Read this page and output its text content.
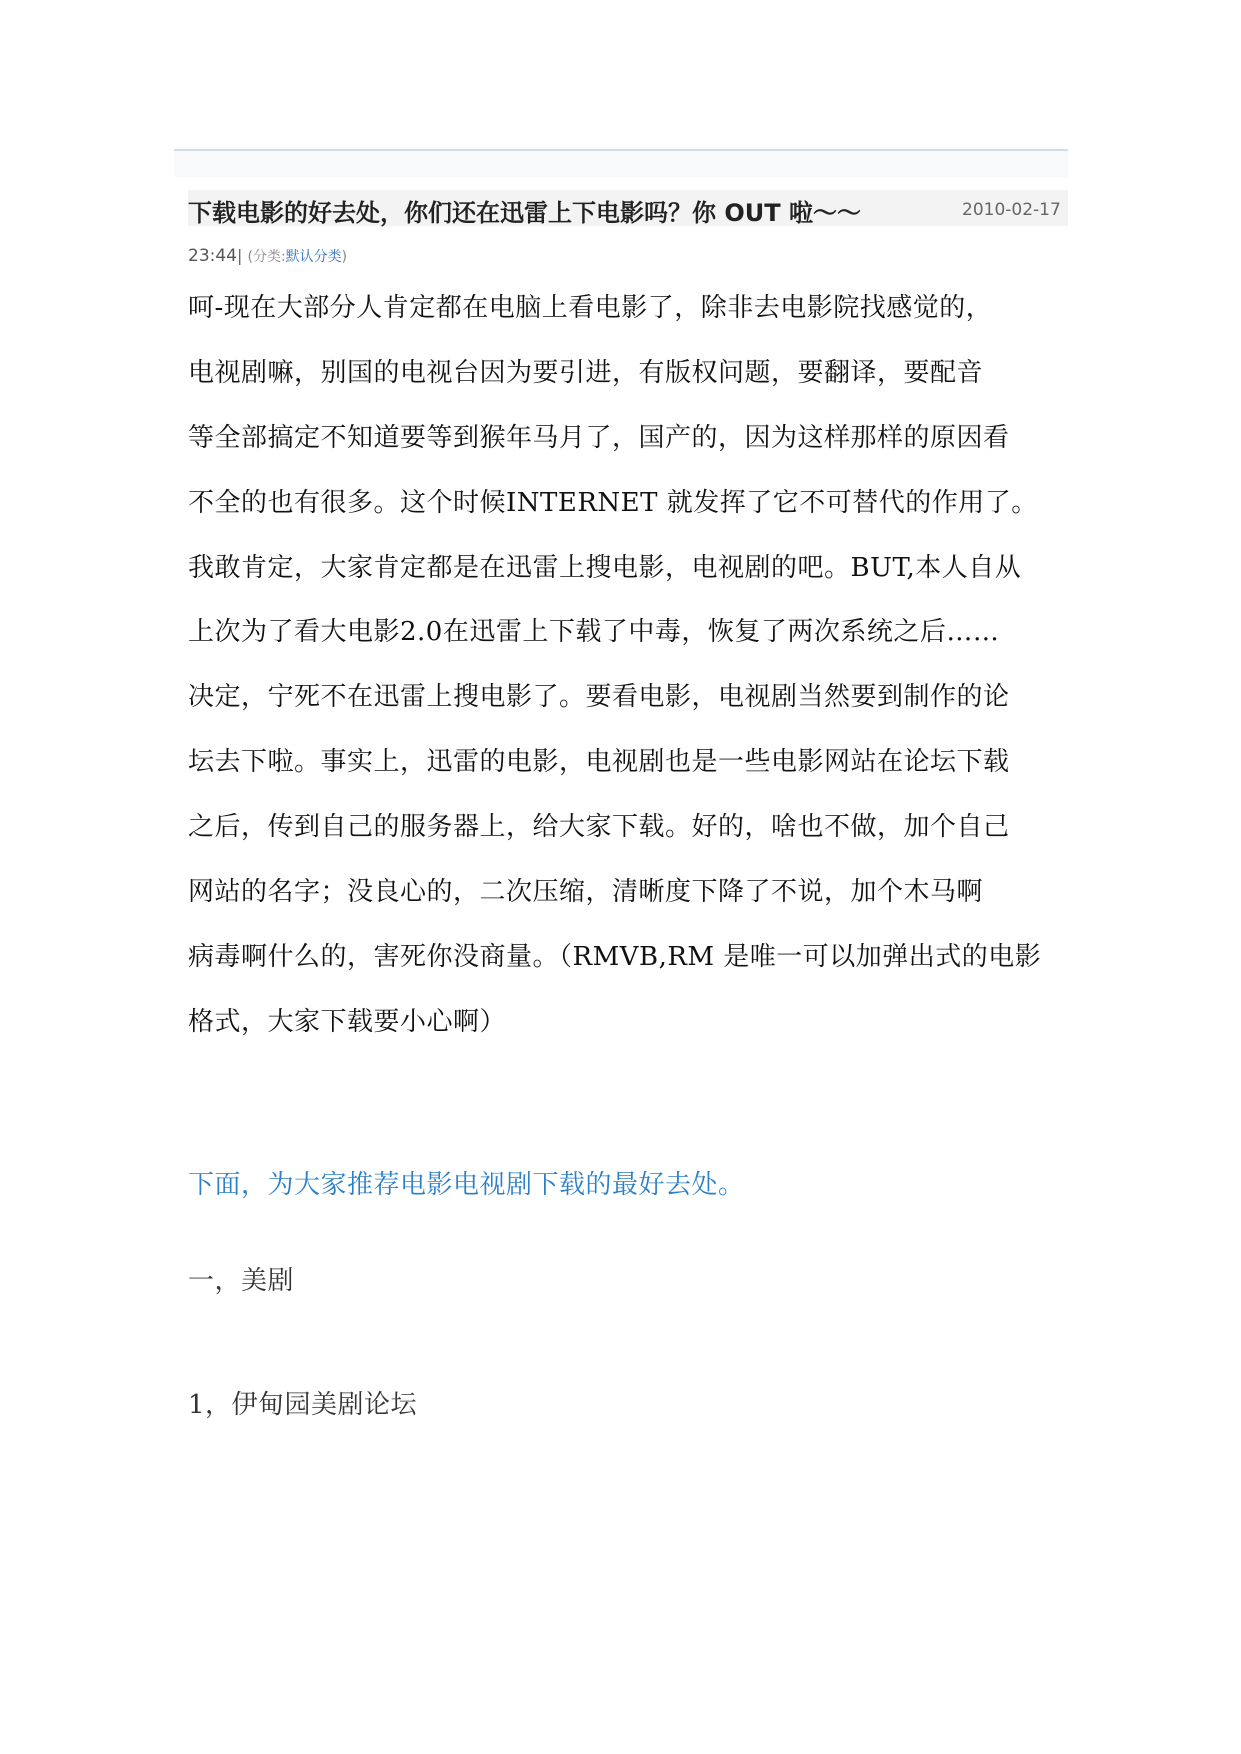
下载电影的好去处，你们还在迅雷上下电影吗？你 OUT 啦～～	2010-02-17
23:44| (分类:默认分类)
呵-现在大部分人肯定都在电脑上看电影了，除非去电影院找感觉的，
电视剧嘛，别国的电视台因为要引进，有版权问题，要翻译，要配音
等全部搞定不知道要等到猴年马月了，国产的，因为这样那样的原因看
不全的也有很多。这个时候INTERNET 就发挥了它不可替代的作用了。
我敢肯定，大家肯定都是在迅雷上搜电影，电视剧的吧。BUT,本人自从
上次为了看大电影2.0在迅雷上下载了中毒，恢复了两次系统之后……
决定，宁死不在迅雷上搜电影了。要看电影，电视剧当然要到制作的论
坛去下啦。事实上，迅雷的电影，电视剧也是一些电影网站在论坛下载
之后，传到自己的服务器上，给大家下载。好的，啥也不做，加个自己
网站的名字；没良心的，二次压缩，清晰度下降了不说，加个木马啊
病毒啊什么的，害死你没商量。（RMVB,RM 是唯一可以加弹出式的电影
格式，大家下载要小心啊）
下面，为大家推荐电影电视剧下载的最好去处。
一，美剧
1，伊甸园美剧论坛
